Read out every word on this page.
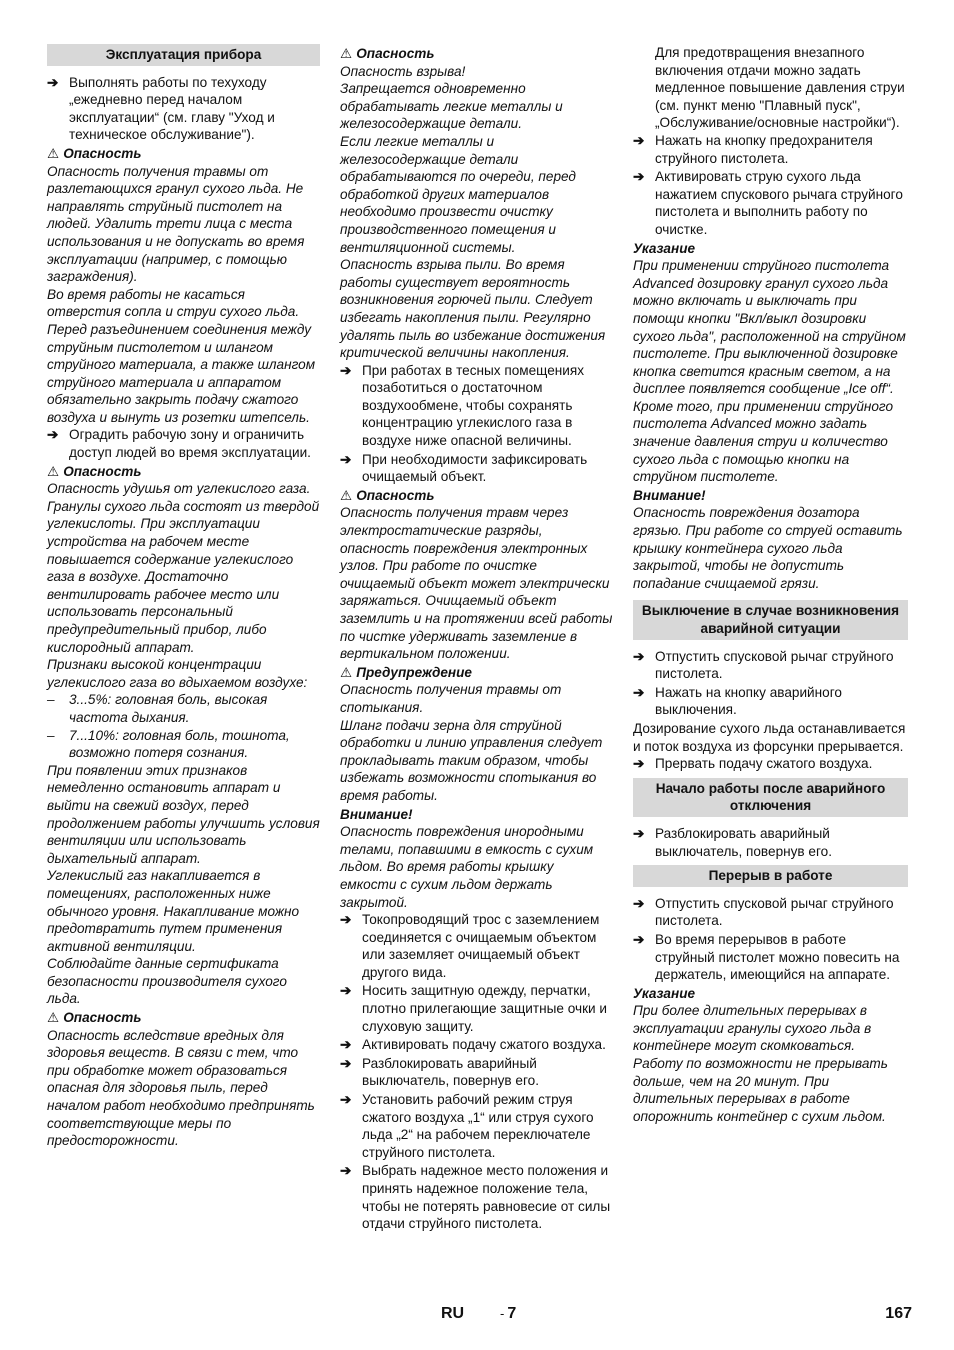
Эксплуатация прибора
➔ Выполнять работы по техуходу „ежедневно перед началом эксплуатации“ (см. главу "Уход и техническое обслуживание").
⚠ Опасность

Опасность получения травмы от разлетающихся гранул сухого льда. Не направлять струйный пистолет на людей. Удалить трети лица с места использования и не допускать во время эксплуатации (например, с помощью заграждения).

Во время работы не касаться отверстия сопла и струи сухого льда.

Перед разъединением соединения между струйным пистолетом и шлангом струйного материала, а также шлангом струйного материала и аппаратом обязательно закрыть подачу сжатого воздуха и вынуть из розетки штепсель.

➔ Оградить рабочую зону и ограничить доступ людей во время эксплуатации.
⚠ Опасность

Опасность удушья от углекислого газа. Гранулы сухого льда состоят из твердой углекислоты. При эксплуатации устройства на рабочем месте повышается содержание углекислого газа в воздухе. Достаточно вентилировать рабочее место или использовать персональный предупредительный прибор, либо кислородный аппарат.

Признаки высокой концентрации углекислого газа во вдыхаемом воздухе:

– 3...5%: головная боль, высокая частота дыхания.
– 7...10%: головная боль, тошнота, возможно потеря сознания.

При появлении этих признаков немедленно остановить аппарат и выйти на свежий воздух, перед продолжением работы улучшить условия вентиляции или использовать дыхательный аппарат.

Углекислый газ накапливается в помещениях, расположенных ниже обычного уровня. Накапливание можно предотвратить путем применения активной вентиляции.

Соблюдайте данные сертификата безопасности производителя сухого льда.

⚠ Опасность

Опасность вследствие вредных для здоровья веществ. В связи с тем, что при обработке может образоваться опасная для здоровья пыль, перед началом работ необходимо предпринять соответствующие меры по предосторожности.

⚠ Опасность

Опасность взрыва!

Запрещается одновременно обрабатывать легкие металлы и железосодержащие детали.

Если легкие металлы и железосодержащие детали обрабатываются по очереди, перед обработкой других материалов необходимо произвести очистку производственного помещения и вентиляционной системы.

Опасность взрыва пыли. Во время работы существует вероятность возникновения горючей пыли. Следует избегать накопления пыли. Регулярно удалять пыль во избежание достижения критической величины накопления.

➔ При работах в тесных помещениях позаботиться о достаточном воздухообмене, чтобы сохранять концентрацию углекислого газа в воздухе ниже опасной величины.
➔ При необходимости зафиксировать очищаемый объект.
⚠ Опасность

Опасность получения травм через электростатические разряды, опасность повреждения электронных узлов. При работе по очистке очищаемый объект может электрически заряжаться. Очищаемый объект заземлить и на протяжении всей работы по чистке удерживать заземление в вертикальном положении.

⚠ Предупреждение

Опасность получения травмы от спотыкания.

Шланг подачи зерна для струйной обработки и линию управления следует прокладывать таким образом, чтобы избежать возможности спотыкания во время работы.

Внимание!

Опасность повреждения инородными телами, попавшими в емкость с сухим льдом. Во время работы крышку емкости с сухим льдом держать закрытой.

➔ Токопроводящий трос с заземлением соединяется с очищаемым объектом или заземляет очищаемый объект другого вида.
➔ Носить защитную одежду, перчатки, плотно прилегающие защитные очки и слуховую защиту.
➔ Активировать подачу сжатого воздуха.
➔ Разблокировать аварийный выключатель, повернув его.
➔ Установить рабочий режим струя сжатого воздуха „1“ или струя сухого льда „2“ на рабочем переключателе струйного пистолета.
➔ Выбрать надежное место положения и принять надежное положение тела, чтобы не потерять равновесие от силы отдачи струйного пистолета.

Для предотвращения внезапного включения отдачи можно задать медленное повышение давления струи (см. пункт меню "Плавный пуск", „Обслуживание/основные настройки“).

➔ Нажать на кнопку предохранителя струйного пистолета.
➔ Активировать струю сухого льда нажатием спускового рычага струйного пистолета и выполнить работу по очистке.
Указание

При применении струйного пистолета Advanced дозировку гранул сухого льда можно включать и выключать при помощи кнопки "Вкл/выкл дозировки сухого льда", расположенной на струйном пистолете. При выключенной дозировке кнопка светится красным светом, а на дисплее появляется сообщение „Ice off“.

Кроме того, при применении струйного пистолета Advanced можно задать значение давления струи и количество сухого льда с помощью кнопки на струйном пистолете.

Внимание!

Опасность повреждения дозатора грязью. При работе со струей оставить крышку контейнера сухого льда закрытой, чтобы не допустить попадание счищаемой грязи.

Выключение в случае возникновения аварийной ситуации
➔ Отпустить спусковой рычаг струйного пистолета.
➔ Нажать на кнопку аварийного выключения.

Дозирование сухого льда останавливается и поток воздуха из форсунки прерывается.

➔ Прервать подачу сжатого воздуха.
Начало работы после аварийного отключения
➔ Разблокировать аварийный выключатель, повернув его.
Перерыв в работе
➔ Отпустить спусковой рычаг струйного пистолета.
➔ Во время перерывов в работе струйный пистолет можно повесить на держатель, имеющийся на аппарате.
Указание

При более длительных перерывах в эксплуатации гранулы сухого льда в контейнере могут скомковаться. Работу по возможности не прерывать дольше, чем на 20 минут. При длительных перерывах в работе опорожнить контейнер с сухим льдом.

RU	- 7	167
